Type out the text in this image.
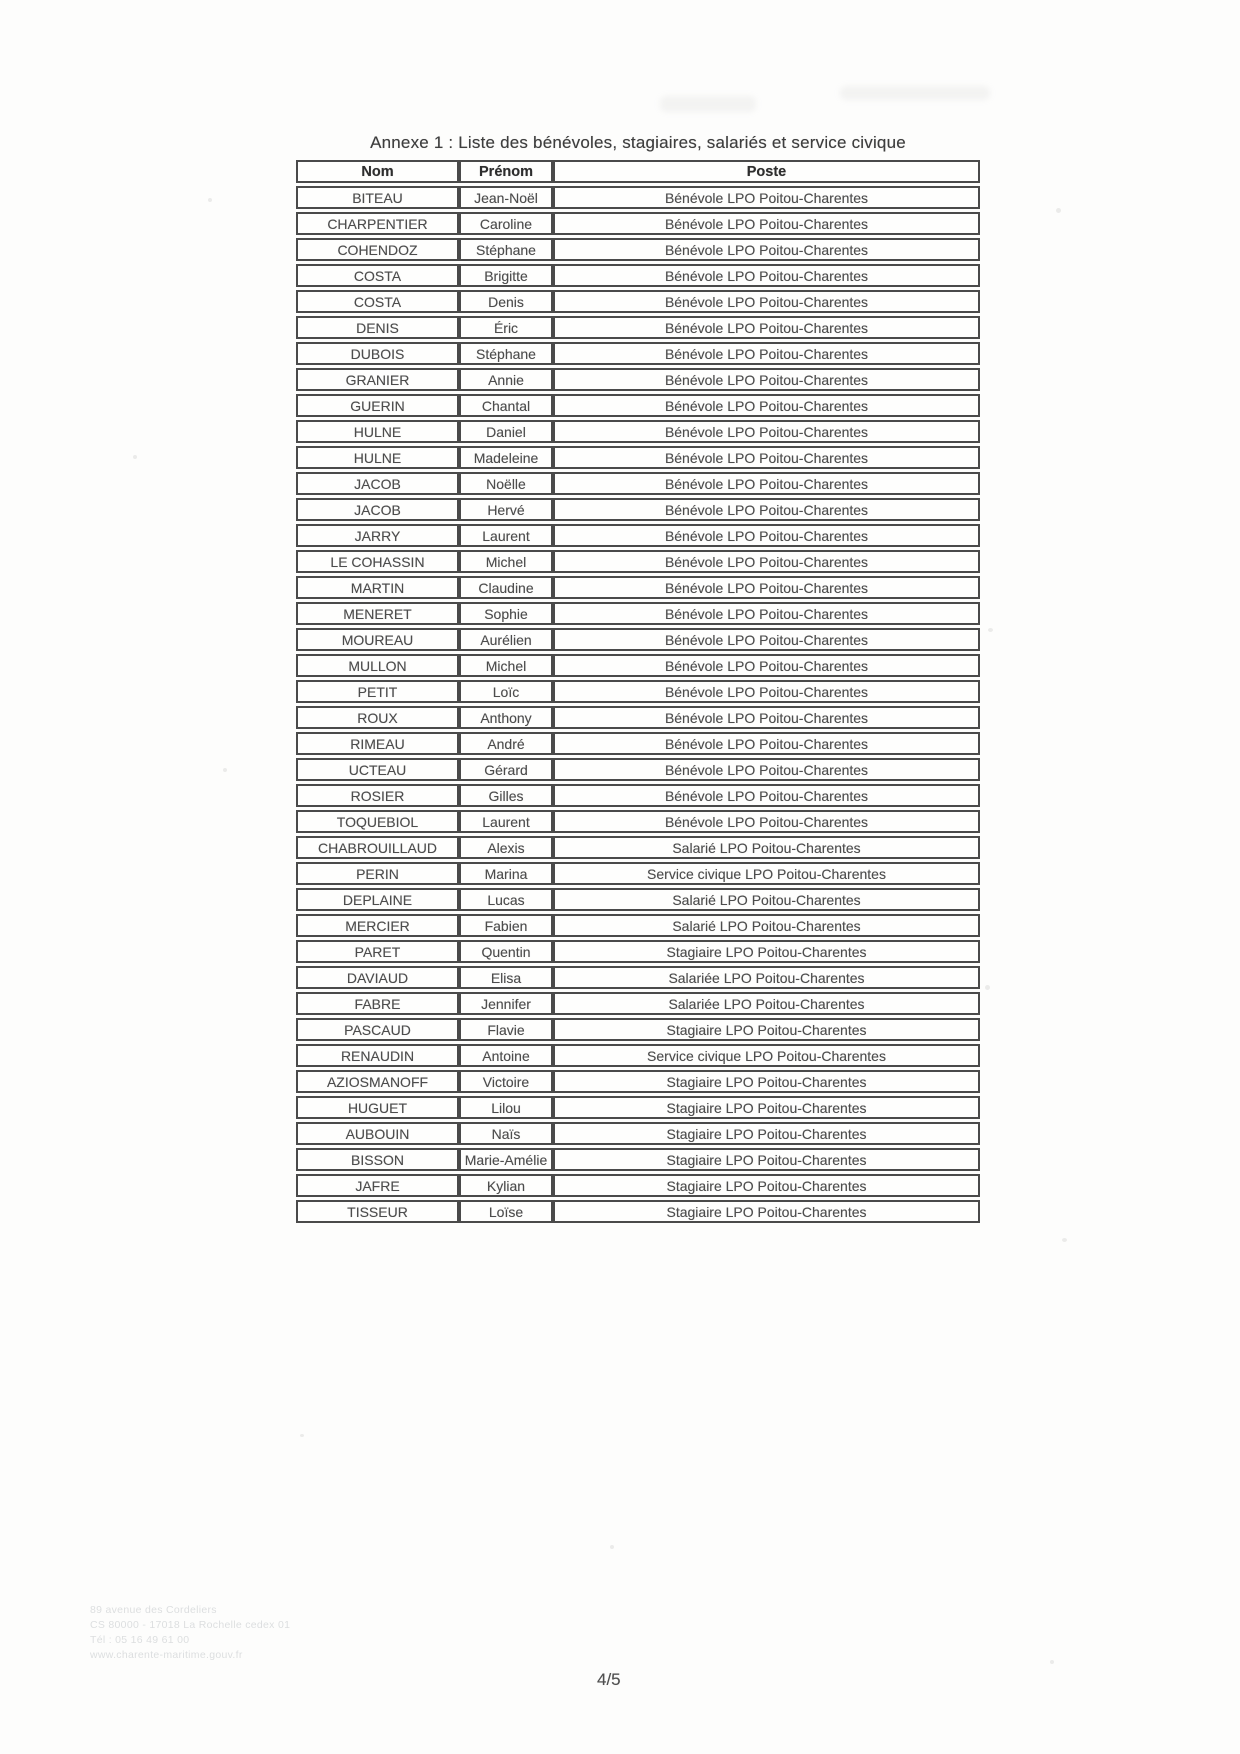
Annexe 1 : Liste des bénévoles, stagiaires, salariés et service civique
Nom	Prénom	Poste
BITEAU	Jean-Noël	Bénévole LPO Poitou-Charentes
CHARPENTIER	Caroline	Bénévole LPO Poitou-Charentes
COHENDOZ	Stéphane	Bénévole LPO Poitou-Charentes
COSTA	Brigitte	Bénévole LPO Poitou-Charentes
COSTA	Denis	Bénévole LPO Poitou-Charentes
DENIS	Éric	Bénévole LPO Poitou-Charentes
DUBOIS	Stéphane	Bénévole LPO Poitou-Charentes
GRANIER	Annie	Bénévole LPO Poitou-Charentes
GUERIN	Chantal	Bénévole LPO Poitou-Charentes
HULNE	Daniel	Bénévole LPO Poitou-Charentes
HULNE	Madeleine	Bénévole LPO Poitou-Charentes
JACOB	Noëlle	Bénévole LPO Poitou-Charentes
JACOB	Hervé	Bénévole LPO Poitou-Charentes
JARRY	Laurent	Bénévole LPO Poitou-Charentes
LE COHASSIN	Michel	Bénévole LPO Poitou-Charentes
MARTIN	Claudine	Bénévole LPO Poitou-Charentes
MENERET	Sophie	Bénévole LPO Poitou-Charentes
MOUREAU	Aurélien	Bénévole LPO Poitou-Charentes
MULLON	Michel	Bénévole LPO Poitou-Charentes
PETIT	Loïc	Bénévole LPO Poitou-Charentes
ROUX	Anthony	Bénévole LPO Poitou-Charentes
RIMEAU	André	Bénévole LPO Poitou-Charentes
UCTEAU	Gérard	Bénévole LPO Poitou-Charentes
ROSIER	Gilles	Bénévole LPO Poitou-Charentes
TOQUEBIOL	Laurent	Bénévole LPO Poitou-Charentes
CHABROUILLAUD	Alexis	Salarié LPO Poitou-Charentes
PERIN	Marina	Service civique LPO Poitou-Charentes
DEPLAINE	Lucas	Salarié LPO Poitou-Charentes
MERCIER	Fabien	Salarié LPO Poitou-Charentes
PARET	Quentin	Stagiaire LPO Poitou-Charentes
DAVIAUD	Elisa	Salariée LPO Poitou-Charentes
FABRE	Jennifer	Salariée LPO Poitou-Charentes
PASCAUD	Flavie	Stagiaire LPO Poitou-Charentes
RENAUDIN	Antoine	Service civique LPO Poitou-Charentes
AZIOSMANOFF	Victoire	Stagiaire LPO Poitou-Charentes
HUGUET	Lilou	Stagiaire LPO Poitou-Charentes
AUBOUIN	Naïs	Stagiaire LPO Poitou-Charentes
BISSON	Marie-Amélie	Stagiaire LPO Poitou-Charentes
JAFRE	Kylian	Stagiaire LPO Poitou-Charentes
TISSEUR	Loïse	Stagiaire LPO Poitou-Charentes
89 avenue des Cordeliers
CS 80000 - 17018 La Rochelle cedex 01
Tél : 05 16 49 61 00
www.charente-maritime.gouv.fr
4/5
